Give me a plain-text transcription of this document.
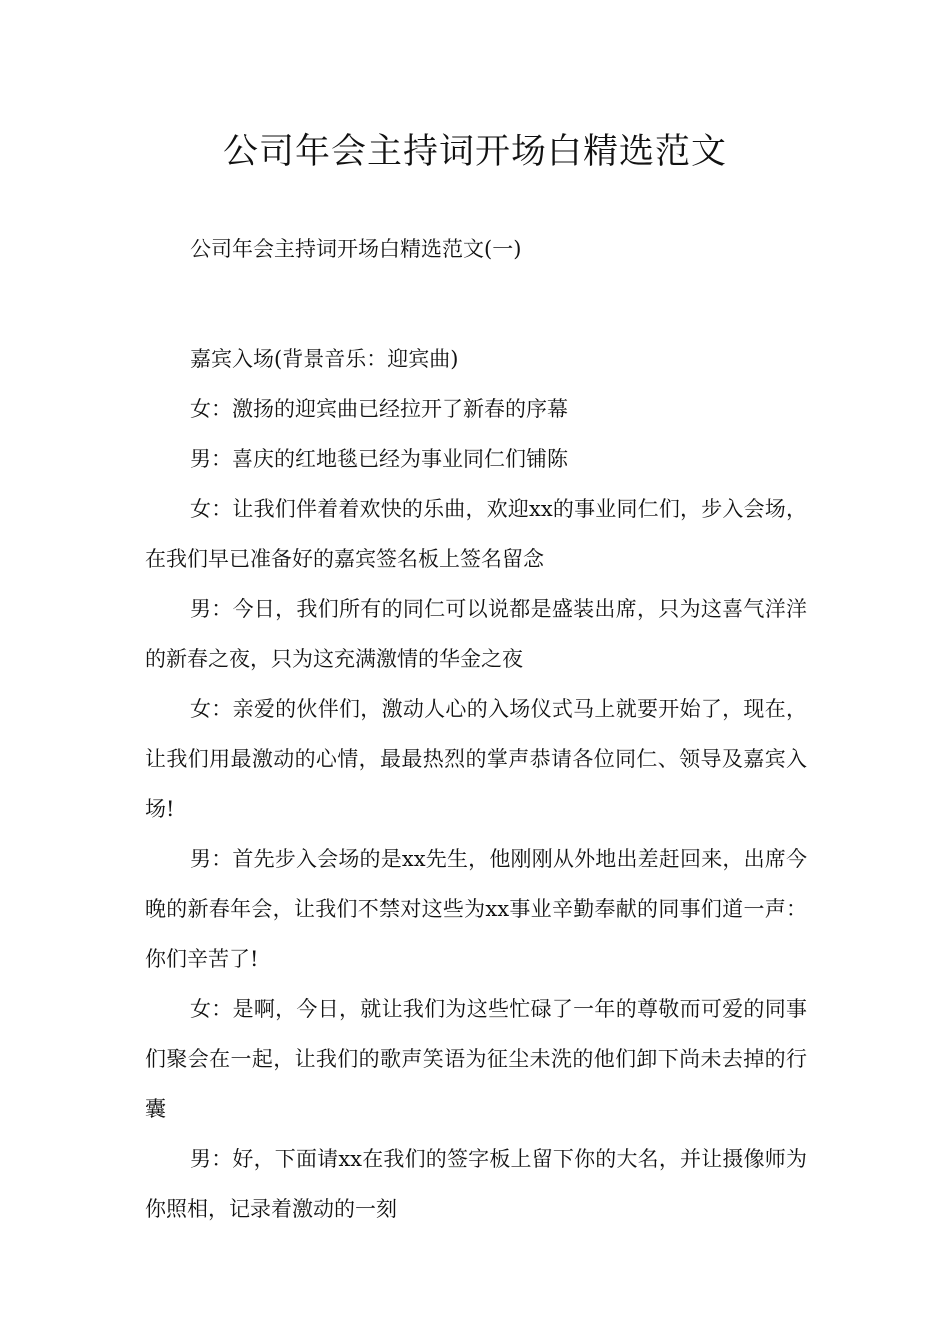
公司年会主持词开场白精选范文

公司年会主持词开场白精选范文(一)

嘉宾入场(背景音乐：迎宾曲)

女：激扬的迎宾曲已经拉开了新春的序幕

男：喜庆的红地毯已经为事业同仁们铺陈

女：让我们伴着着欢快的乐曲，欢迎xx的事业同仁们，步入会场，在我们早已准备好的嘉宾签名板上签名留念

男：今日，我们所有的同仁可以说都是盛装出席，只为这喜气洋洋的新春之夜，只为这充满激情的华金之夜

女：亲爱的伙伴们，激动人心的入场仪式马上就要开始了，现在，让我们用最激动的心情，最最热烈的掌声恭请各位同仁、领导及嘉宾入场!

男：首先步入会场的是xx先生，他刚刚从外地出差赶回来，出席今晚的新春年会，让我们不禁对这些为xx事业辛勤奉献的同事们道一声：你们辛苦了!

女：是啊，今日，就让我们为这些忙碌了一年的尊敬而可爱的同事们聚会在一起，让我们的歌声笑语为征尘未洗的他们卸下尚未去掉的行囊

男：好，下面请xx在我们的签字板上留下你的大名，并让摄像师为你照相，记录着激动的一刻
